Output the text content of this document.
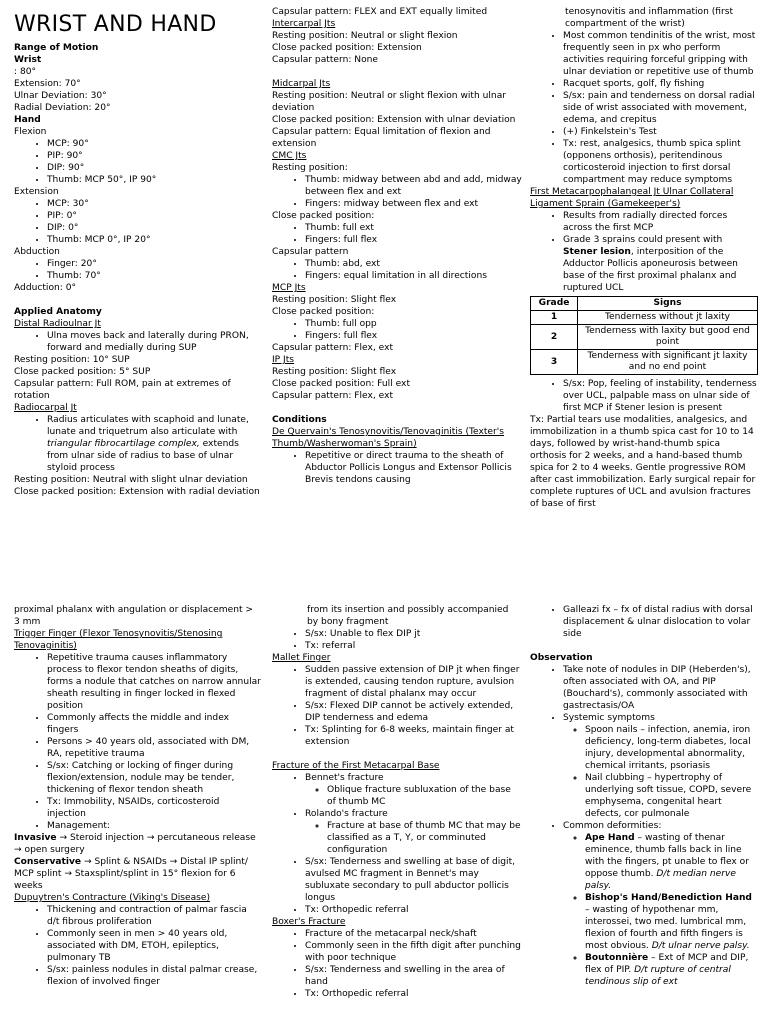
WRIST AND HAND
Range of Motion
Wrist
: 80°
Extension: 70°
Ulnar Deviation: 30°
Radial Deviation: 20°
Hand
Flexion
• MCP: 90°
• PIP: 90°
• DIP: 90°
• Thumb: MCP 50°, IP 90°
Extension
• MCP: 30°
• PIP: 0°
• DIP: 0°
• Thumb: MCP 0°, IP 20°
Abduction
• Finger: 20°
• Thumb: 70°
Adduction: 0°
Applied Anatomy
Distal Radioulnar Jt
• Ulna moves back and laterally during PRON, forward and medially during SUP
Resting position: 10° SUP
Close packed position: 5° SUP
Capsular pattern: Full ROM, pain at extremes of rotation
Radiocarpal Jt
• Radius articulates with scaphoid and lunate, lunate and triquetrum also articulate with triangular fibrocartilage complex, extends from ulnar side of radius to base of ulnar styloid process
Resting position: Neutral with slight ulnar deviation
Close packed position: Extension with radial deviation
Capsular pattern: FLEX and EXT equally limited
Intercarpal Jts
Resting position: Neutral or slight flexion
Close packed position: Extension
Capsular pattern: None
Midcarpal Jts
Resting position: Neutral or slight flexion with ulnar deviation
Close packed position: Extension with ulnar deviation
Capsular pattern: Equal limitation of flexion and extension
CMC Jts
Resting position:
• Thumb: midway between abd and add, midway between flex and ext
• Fingers: midway between flex and ext
Close packed position:
• Thumb: full ext
• Fingers: full flex
Capsular pattern
• Thumb: abd, ext
• Fingers: equal limitation in all directions
MCP Jts
Resting position: Slight flex
Close packed position:
• Thumb: full opp
• Fingers: full flex
Capsular pattern: Flex, ext
IP Jts
Resting position: Slight flex
Close packed position: Full ext
Capsular pattern: Flex, ext
Conditions
De Quervain's Tenosynovitis/Tenovaginitis (Texter's Thumb/Washerwoman's Sprain)
• Repetitive or direct trauma to the sheath of
Abductor Pollicis Longus and Extensor Pollicis Brevis tendons causing
tenosynovitis and inflammation (first compartment of the wrist)
• Most common tendinitis of the wrist, most frequently seen in px who perform activities requiring forceful gripping with ulnar deviation or repetitive use of thumb
• Racquet sports, golf, fly fishing
• S/sx: pain and tenderness on dorsal radial side of wrist associated with movement, edema, and crepitus
• (+) Finkelstein's Test
• Tx: rest, analgesics, thumb spica splint (opponens orthosis), peritendinous corticosteroid injection to first dorsal compartment may reduce symptoms
First Metacarpophalangeal Jt Ulnar Collateral Ligament Sprain (Gamekeeper's)
• Results from radially directed forces across the first MCP
• Grade 3 sprains could present with Stener lesion, interposition of the Adductor Pollicis aponeurosis between base of the first proximal phalanx and ruptured UCL
Grade	Signs
1	Tenderness without jt laxity
2	Tenderness with laxity but good end point
3	Tenderness with significant jt laxity and no end point
• S/sx: Pop, feeling of instability, tenderness over UCL, palpable mass on ulnar side of first MCP if Stener lesion is present
Tx: Partial tears use modalities, analgesics, and immobilization in a thumb spica cast for 10 to 14 days, followed by wrist-hand-thumb spica orthosis for 2 weeks, and a hand-based thumb spica for 2 to 4 weeks. Gentle progressive ROM after cast immobilization. Early surgical repair for complete ruptures of UCL and avulsion fractures of base of first
proximal phalanx with angulation or displacement > 3 mm
Trigger Finger (Flexor Tenosynovitis/Stenosing Tenovaginitis)
• Repetitive trauma causes inflammatory process to flexor tendon sheaths of digits, forms a nodule that catches on narrow annular sheath resulting in finger locked in flexed position
• Commonly affects the middle and index fingers
• Persons > 40 years old, associated with DM, RA, repetitive trauma
• S/sx: Catching or locking of finger during flexion/extension, nodule may be tender, thickening of flexor tendon sheath
• Tx: Immobility, NSAIDs, corticosteroid injection
• Management:
Invasive → Steroid injection → percutaneous release → open surgery
Conservative → Splint & NSAIDs → Distal IP splint/ MCP splint → Staxsplint/splint in 15° flexion for 6 weeks
Dupuytren's Contracture (Viking's Disease)
• Thickening and contraction of palmar fascia d/t fibrous proliferation
• Commonly seen in men > 40 years old, associated with DM, ETOH, epileptics, pulmonary TB
• S/sx: painless nodules in distal palmar crease, flexion of involved finger
from its insertion and possibly accompanied by bony fragment
• S/sx: Unable to flex DIP jt
• Tx: referral
Mallet Finger
• Sudden passive extension of DIP jt when finger is extended, causing tendon rupture, avulsion fragment of distal phalanx may occur
• S/sx: Flexed DIP cannot be actively extended, DIP tenderness and edema
• Tx: Splinting for 6-8 weeks, maintain finger at extension
Fracture of the First Metacarpal Base
• Bennet's fracture
◦ Oblique fracture subluxation of the base of thumb MC
• Rolando's fracture
◦ Fracture at base of thumb MC that may be classified as a T, Y, or comminuted configuration
• S/sx: Tenderness and swelling at base of digit, avulsed MC fragment in Bennet's may subluxate secondary to pull abductor pollicis longus
• Tx: Orthopedic referral
Boxer's Fracture
• Fracture of the metacarpal neck/shaft
• Commonly seen in the fifth digit after punching with poor technique
• S/sx: Tenderness and swelling in the area of hand
• Tx: Orthopedic referral
• Galleazi fx – fx of distal radius with dorsal displacement & ulnar dislocation to volar side
Observation
• Take note of nodules in DIP (Heberden's), often associated with OA, and PIP (Bouchard's), commonly associated with gastrectasis/OA
• Systemic symptoms
◦ Spoon nails – infection, anemia, iron deficiency, long-term diabetes, local injury, developmental abnormality, chemical irritants, psoriasis
◦ Nail clubbing – hypertrophy of underlying soft tissue, COPD, severe emphysema, congenital heart defects, cor pulmonale
• Common deformities:
◦ Ape Hand – wasting of thenar eminence, thumb falls back in line with the fingers, pt unable to flex or oppose thumb. D/t median nerve palsy.
◦ Bishop's Hand/Benediction Hand – wasting of hypothenar mm, interossei, two med. lumbrical mm, flexion of fourth and fifth fingers is most obvious. D/t ulnar nerve palsy.
◦ Boutonnière – Ext of MCP and DIP, flex of PIP. D/t rupture of central tendinous slip of ext
